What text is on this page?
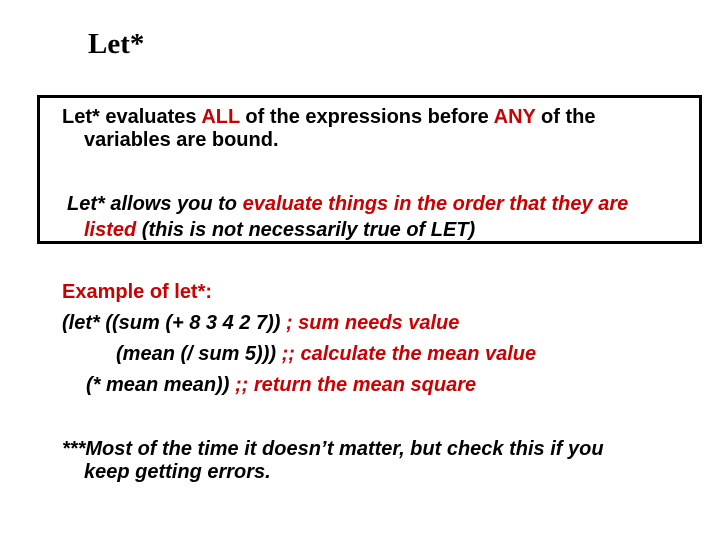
Let*
Let* evaluates ALL of the expressions before ANY of the
variables are bound.
Let* allows you to evaluate things in the order that they are
listed (this is not necessarily true of LET)
Example of let*:
(let* ((sum (+ 8 3 4 2 7)) ; sum needs value
(mean (/ sum 5))) ;; calculate the mean value
(* mean mean)) ;; return the mean square
***Most of the time it doesn’t matter, but check this if you
keep getting errors.
